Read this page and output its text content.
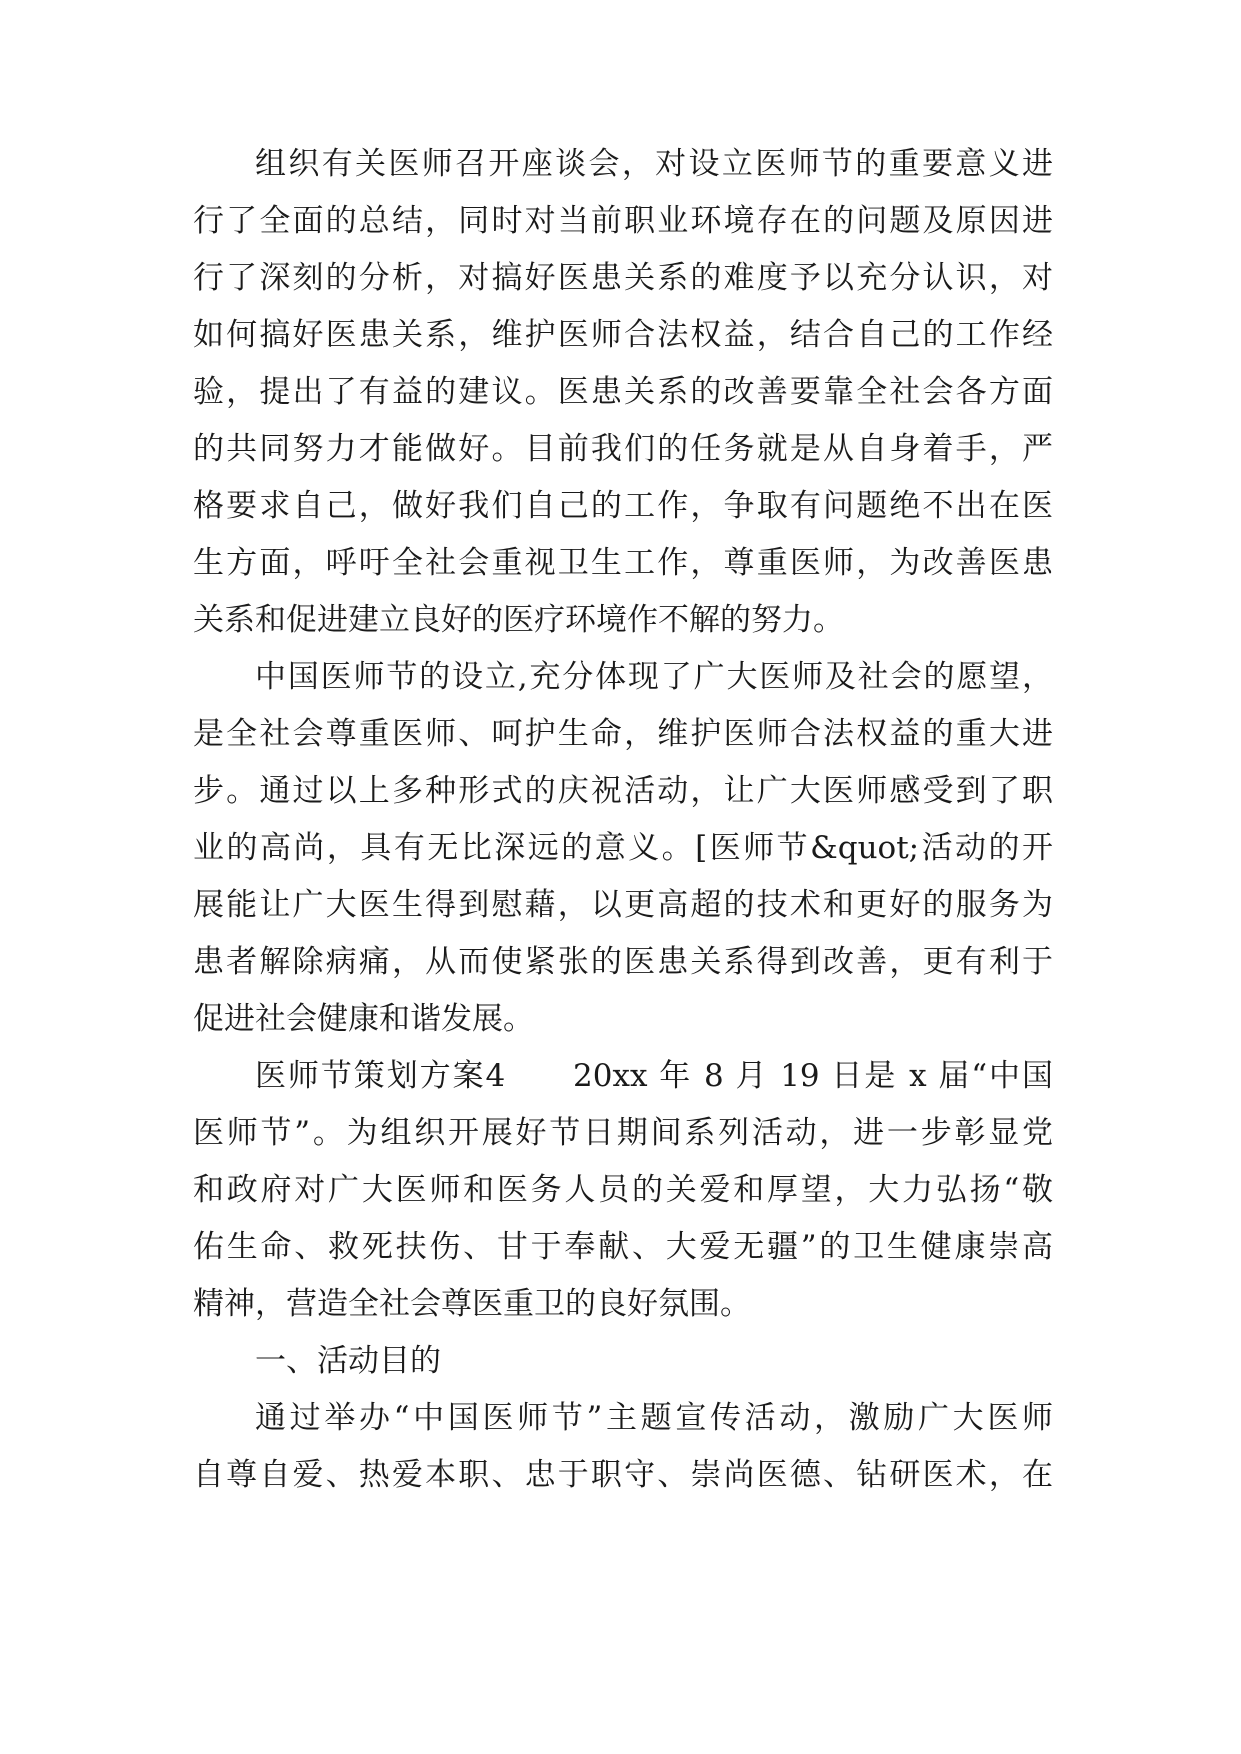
组织有关医师召开座谈会，对设立医师节的重要意义进
行了全面的总结，同时对当前职业环境存在的问题及原因进
行了深刻的分析，对搞好医患关系的难度予以充分认识，对
如何搞好医患关系，维护医师合法权益，结合自己的工作经
验，提出了有益的建议。医患关系的改善要靠全社会各方面
的共同努力才能做好。目前我们的任务就是从自身着手，严
格要求自己，做好我们自己的工作，争取有问题绝不出在医
生方面，呼吁全社会重视卫生工作，尊重医师，为改善医患
关系和促进建立良好的医疗环境作不解的努力。
中国医师节的设立,充分体现了广大医师及社会的愿望，
是全社会尊重医师、呵护生命，维护医师合法权益的重大进
步。通过以上多种形式的庆祝活动，让广大医师感受到了职
业的高尚，具有无比深远的意义。[医师节&quot;活动的开
展能让广大医生得到慰藉，以更高超的技术和更好的服务为
患者解除病痛，从而使紧张的医患关系得到改善，更有利于
促进社会健康和谐发展。
医师节策划方案4　　20xx 年 8 月 19 日是 x 届“中国
医师节”。为组织开展好节日期间系列活动，进一步彰显党
和政府对广大医师和医务人员的关爱和厚望，大力弘扬“敬
佑生命、救死扶伤、甘于奉献、大爱无疆”的卫生健康崇高
精神，营造全社会尊医重卫的良好氛围。
一、活动目的
通过举办“中国医师节”主题宣传活动，激励广大医师
自尊自爱、热爱本职、忠于职守、崇尚医德、钻研医术，在
